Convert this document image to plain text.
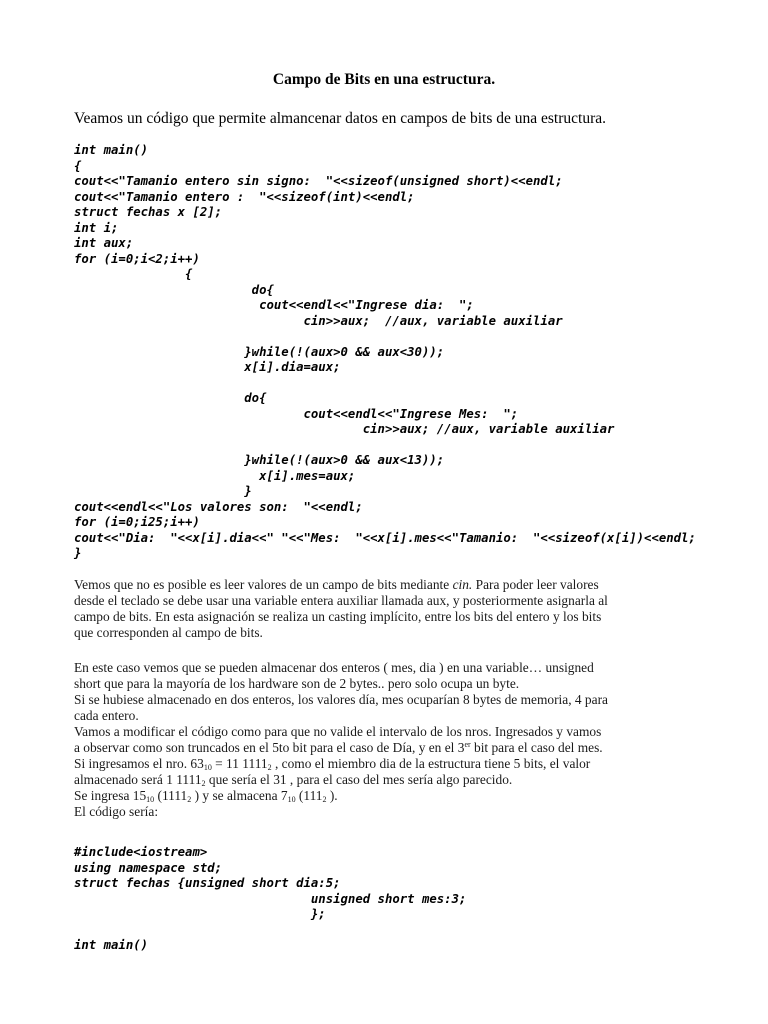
Campo de Bits en una estructura.
Veamos un código que permite almancenar datos en campos de bits de una estructura.
int main()
{
cout<<"Tamanio entero sin signo:  "<<sizeof(unsigned short)<<endl;
cout<<"Tamanio entero :  "<<sizeof(int)<<endl;
struct fechas x [2];
int i;
int aux;
for (i=0;i<2;i++)
{
do{
cout<<endl<<"Ingrese dia:  ";
cin>>aux;  //aux, variable auxiliar
}while(!(aux>0 && aux<30));
x[i].dia=aux;
do{
cout<<endl<<"Ingrese Mes:  ";
cin>>aux; //aux, variable auxiliar
}while(!(aux>0 && aux<13));
x[i].mes=aux;
}
cout<<endl<<"Los valores son:  "<<endl;
for (i=0;i25;i++)
cout<<"Dia:  "<<x[i].dia<<" "<<"Mes:  "<<x[i].mes<<"Tamanio:  "<<sizeof(x[i])<<endl;
}
Vemos que no es posible es leer valores de un campo de bits mediante cin. Para poder leer valores
desde el teclado se debe usar una variable entera auxiliar llamada aux, y posteriormente asignarla al
campo de bits. En esta asignación se realiza un casting implícito, entre los bits del entero y los bits
que corresponden al campo de bits.
En este caso vemos que se pueden almacenar dos enteros ( mes, dia ) en una variable… unsigned
short que para la mayoría de los hardware son de 2 bytes.. pero solo ocupa un byte.
Si se hubiese almacenado en dos enteros, los valores día, mes ocuparían 8 bytes de memoria, 4 para
cada entero.
Vamos a modificar el código como para que no valide el intervalo de los nros. Ingresados y vamos
a observar como son truncados en el 5to bit para el caso de Día, y en el 3er bit para el caso del mes.
Si ingresamos el nro. $63_{10} = 11$ $1111_2$ , como el miembro dia de la estructura tiene 5 bits, el valor
almacenado será 1 $1111_2$ que sería el 31 , para el caso del mes sería algo parecido.
Se ingresa $15_{10}$ ($1111_2$ ) y se almacena $7_{10}$ ($111_2$ ).
El código sería:
#include<iostream>
using namespace std;
struct fechas {unsigned short dia:5;
unsigned short mes:3;
};
int main()
